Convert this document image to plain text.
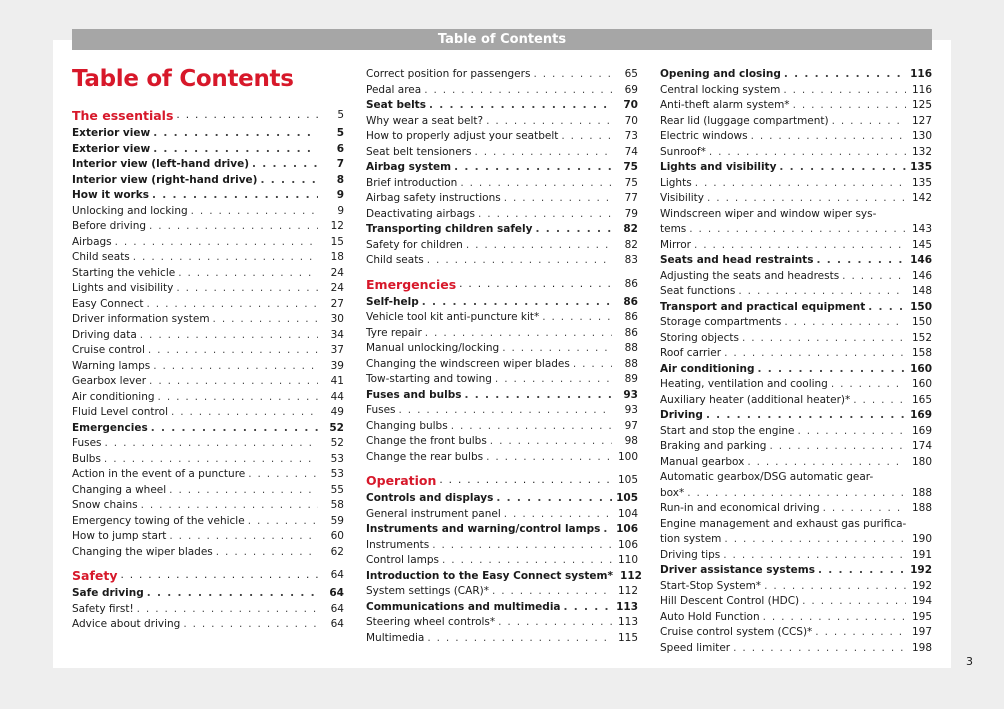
Table of Contents
Table of Contents
The essentials . . .	5
Exterior view . . .	5
Exterior view . . .	6
Interior view (left-hand drive) . . .	7
Interior view (right-hand drive) . . .	8
How it works . . .	9
Unlocking and locking . . .	9
Before driving . . .	12
Airbags . . .	15
Child seats . . .	18
Starting the vehicle . . .	24
Lights and visibility . . .	24
Easy Connect . . .	27
Driver information system . . .	30
Driving data . . .	34
Cruise control . . .	37
Warning lamps . . .	39
Gearbox lever . . .	41
Air conditioning . . .	44
Fluid Level control . . .	49
Emergencies . . .	52
Fuses . . .	52
Bulbs . . .	53
Action in the event of a puncture . . .	53
Changing a wheel . . .	55
Snow chains . . .	58
Emergency towing of the vehicle . . .	59
How to jump start . . .	60
Changing the wiper blades . . .	62
Safety . . .	64
Safe driving . . .	64
Safety first! . . .	64
Advice about driving . . .	64
Correct position for passengers . . .	65
Pedal area . . .	69
Seat belts . . .	70
Why wear a seat belt? . . .	70
How to properly adjust your seatbelt . . .	73
Seat belt tensioners . . .	74
Airbag system . . .	75
Brief introduction . . .	75
Airbag safety instructions . . .	77
Deactivating airbags . . .	79
Transporting children safely . . .	82
Safety for children . . .	82
Child seats . . .	83
Emergencies . . .	86
Self-help . . .	86
Vehicle tool kit anti-puncture kit* . . .	86
Tyre repair . . .	86
Manual unlocking/locking . . .	88
Changing the windscreen wiper blades . . .	88
Tow-starting and towing . . .	89
Fuses and bulbs . . .	93
Fuses . . .	93
Changing bulbs . . .	97
Change the front bulbs . . .	98
Change the rear bulbs . . .	100
Operation . . .	105
Controls and displays . . .	105
General instrument panel . . .	104
Instruments and warning/control lamps . . . 106
Instruments . . .	106
Control lamps . . .	110
Introduction to the Easy Connect system* 112
System settings (CAR)* . . .	112
Communications and multimedia . . .	113
Steering wheel controls* . . .	113
Multimedia . . .	115
Opening and closing . . .	116
Central locking system . . .	116
Anti-theft alarm system* . . .	125
Rear lid (luggage compartment) . . .	127
Electric windows . . .	130
Sunroof* . . .	132
Lights and visibility . . .	135
Lights . . .	135
Visibility . . .	142
Windscreen wiper and window wiper sys-
tems . . .	143
Mirror . . .	145
Seats and head restraints . . .	146
Adjusting the seats and headrests . . .	146
Seat functions . . .	148
Transport and practical equipment . . .	150
Storage compartments . . .	150
Storing objects . . .	152
Roof carrier . . .	158
Air conditioning . . .	160
Heating, ventilation and cooling . . .	160
Auxiliary heater (additional heater)* . . .	165
Driving . . .	169
Start and stop the engine . . .	169
Braking and parking . . .	174
Manual gearbox . . .	180
Automatic gearbox/DSG automatic gear-
box* . . .	188
Run-in and economical driving . . .	188
Engine management and exhaust gas purifica-
tion system . . .	190
Driving tips . . .	191
Driver assistance systems . . .	192
Start-Stop System* . . .	192
Hill Descent Control (HDC) . . .	194
Auto Hold Function . . .	195
Cruise control system (CCS)* . . .	197
Speed limiter . . .	198
3
